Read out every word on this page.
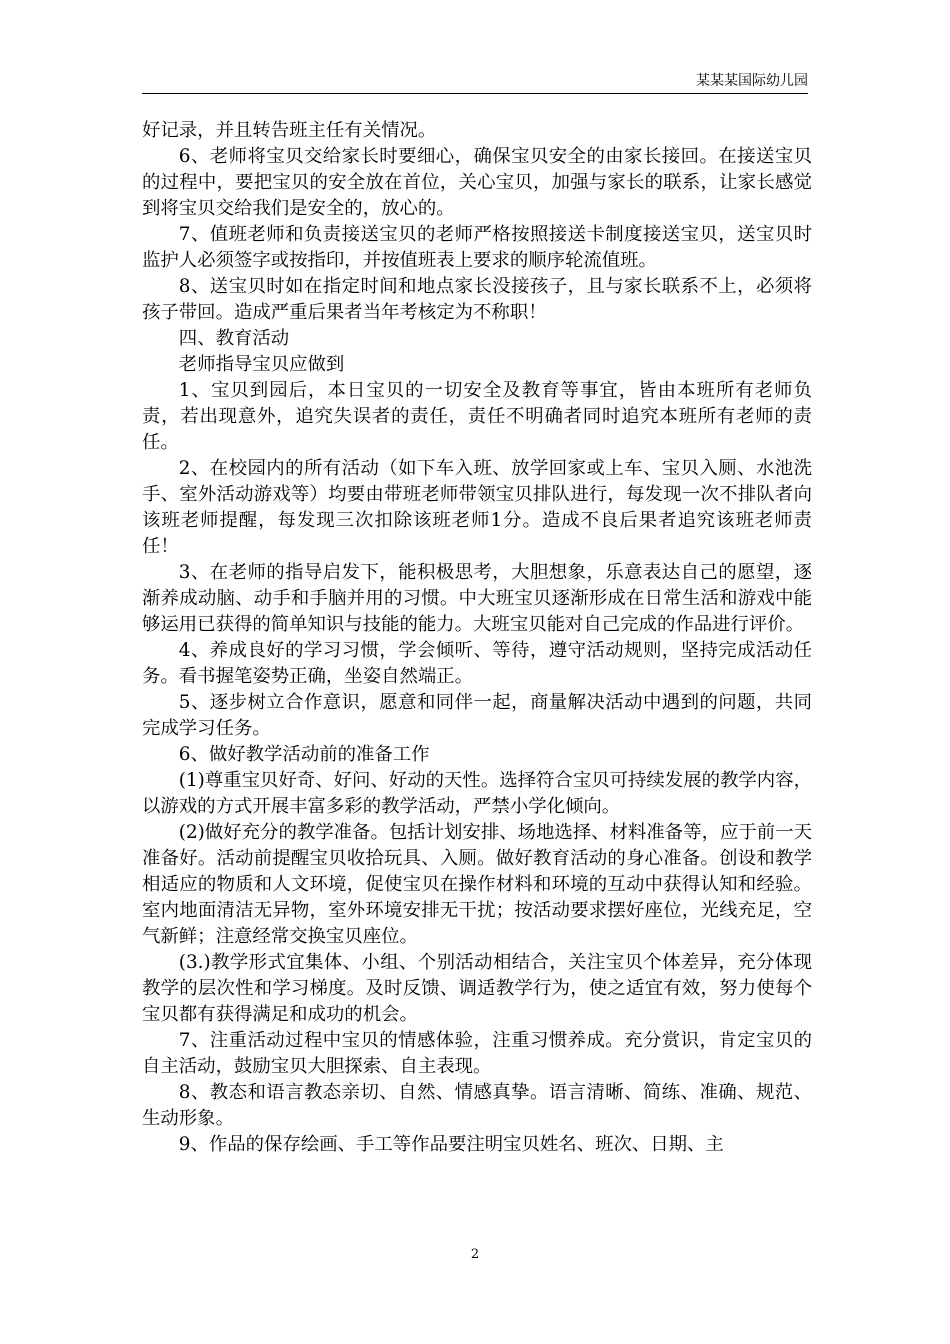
某某某国际幼儿园

好记录，并且转告班主任有关情况。

6、老师将宝贝交给家长时要细心，确保宝贝安全的由家长接回。在接送宝贝的过程中，要把宝贝的安全放在首位，关心宝贝，加强与家长的联系，让家长感觉到将宝贝交给我们是安全的，放心的。

7、值班老师和负责接送宝贝的老师严格按照接送卡制度接送宝贝，送宝贝时监护人必须签字或按指印，并按值班表上要求的顺序轮流值班。

8、送宝贝时如在指定时间和地点家长没接孩子，且与家长联系不上，必须将孩子带回。造成严重后果者当年考核定为不称职！

四、教育活动

老师指导宝贝应做到

1、宝贝到园后，本日宝贝的一切安全及教育等事宜，皆由本班所有老师负责，若出现意外，追究失误者的责任，责任不明确者同时追究本班所有老师的责任。

2、在校园内的所有活动（如下车入班、放学回家或上车、宝贝入厕、水池洗手、室外活动游戏等）均要由带班老师带领宝贝排队进行，每发现一次不排队者向该班老师提醒，每发现三次扣除该班老师1分。造成不良后果者追究该班老师责任！

3、在老师的指导启发下，能积极思考，大胆想象，乐意表达自己的愿望，逐渐养成动脑、动手和手脑并用的习惯。中大班宝贝逐渐形成在日常生活和游戏中能够运用已获得的简单知识与技能的能力。大班宝贝能对自己完成的作品进行评价。

4、养成良好的学习习惯，学会倾听、等待，遵守活动规则，坚持完成活动任务。看书握笔姿势正确，坐姿自然端正。

5、逐步树立合作意识，愿意和同伴一起，商量解决活动中遇到的问题，共同完成学习任务。

6、做好教学活动前的准备工作

(1)尊重宝贝好奇、好问、好动的天性。选择符合宝贝可持续发展的教学内容，以游戏的方式开展丰富多彩的教学活动，严禁小学化倾向。

(2)做好充分的教学准备。包括计划安排、场地选择、材料准备等，应于前一天准备好。活动前提醒宝贝收拾玩具、入厕。做好教育活动的身心准备。创设和教学相适应的物质和人文环境，促使宝贝在操作材料和环境的互动中获得认知和经验。室内地面清洁无异物，室外环境安排无干扰；按活动要求摆好座位，光线充足，空气新鲜；注意经常交换宝贝座位。

(3.)教学形式宜集体、小组、个别活动相结合，关注宝贝个体差异，充分体现教学的层次性和学习梯度。及时反馈、调适教学行为，使之适宜有效，努力使每个宝贝都有获得满足和成功的机会。

7、注重活动过程中宝贝的情感体验，注重习惯养成。充分赏识，肯定宝贝的自主活动，鼓励宝贝大胆探索、自主表现。

8、教态和语言教态亲切、自然、情感真挚。语言清晰、简练、准确、规范、生动形象。

9、作品的保存绘画、手工等作品要注明宝贝姓名、班次、日期、主

2
